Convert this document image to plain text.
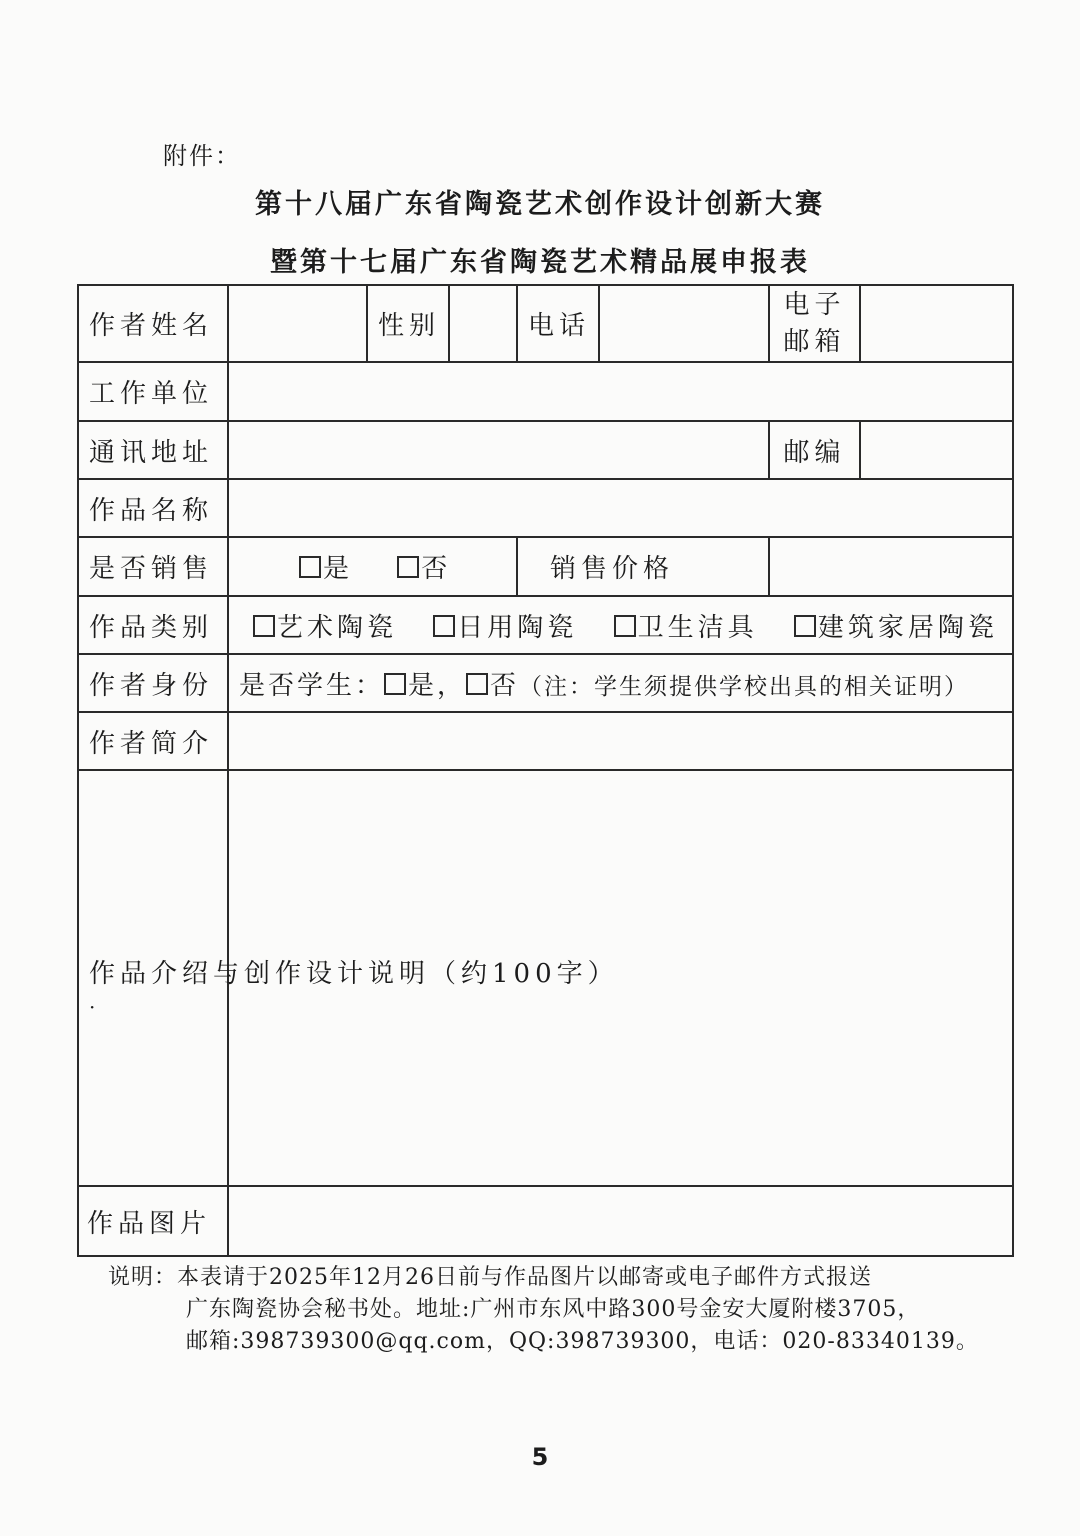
附件：
第十八届广东省陶瓷艺术创作设计创新大赛
暨第十七届广东省陶瓷艺术精品展申报表
作者姓名		性别		电话		电子
邮箱	

工作单位							
通讯地址						邮编	
作品名称							
是否销售	是 否			销售价格			
作品类别	艺术陶瓷 日用陶瓷 卫生洁具 建筑家居陶瓷						
作者身份	是否学生： 是， 否（注：学生须提供学校出具的相关证明）						
作者简介							
作品介绍与创作设计说明（约100字）
·							

作品图片							
说明：本表请于2025年12月26日前与作品图片以邮寄或电子邮件方式报送

广东陶瓷协会秘书处。地址:广州市东风中路300号金安大厦附楼3705，
邮箱:398739300@qq.com，QQ:398739300，电话：020-83340139。
5
